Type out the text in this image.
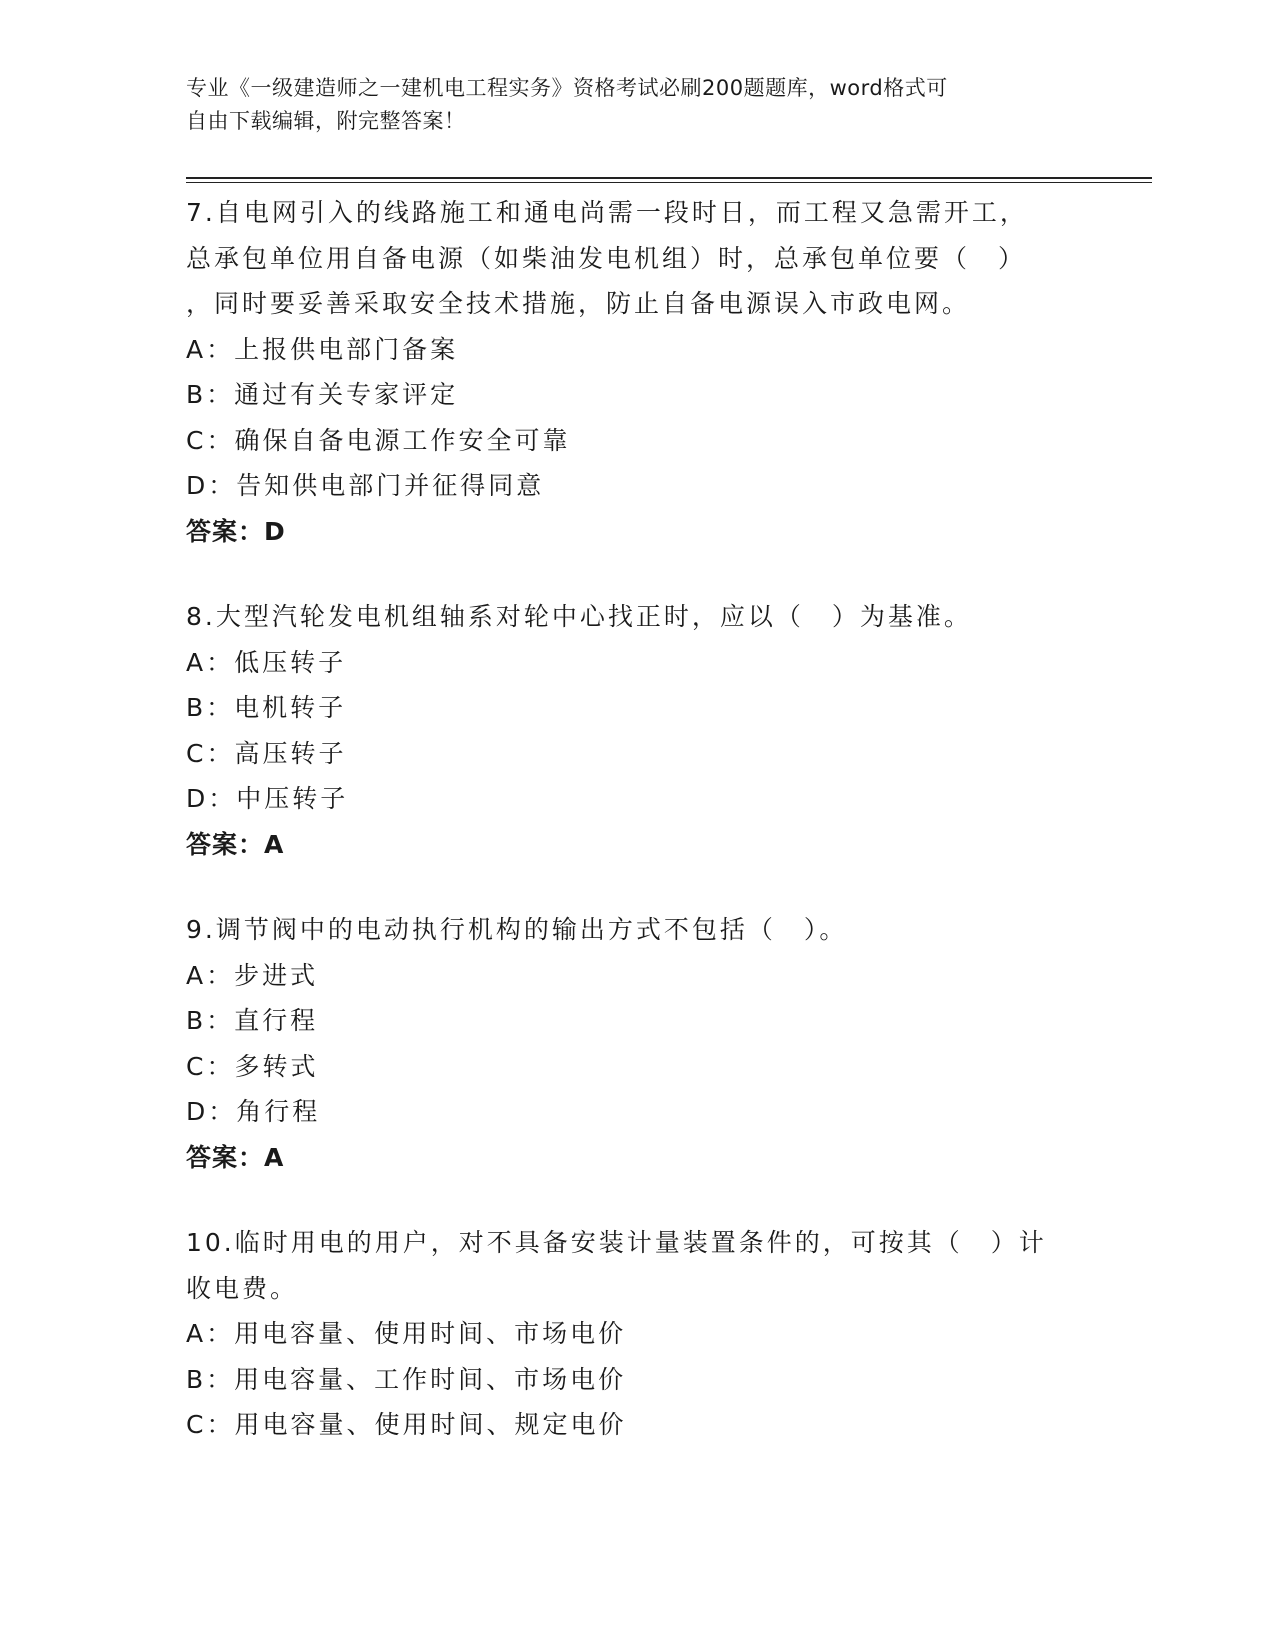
专业《一级建造师之一建机电工程实务》资格考试必刷200题题库，word格式可
自由下载编辑，附完整答案！
7.自电网引入的线路施工和通电尚需一段时日，而工程又急需开工，
总承包单位用自备电源（如柴油发电机组）时，总承包单位要（　）
，同时要妥善采取安全技术措施，防止自备电源误入市政电网。
A：上报供电部门备案
B：通过有关专家评定
C：确保自备电源工作安全可靠
D：告知供电部门并征得同意
答案：D
8.大型汽轮发电机组轴系对轮中心找正时，应以（　）为基准。
A：低压转子
B：电机转子
C：高压转子
D：中压转子
答案：A
9.调节阀中的电动执行机构的输出方式不包括（　）。
A：步进式
B：直行程
C：多转式
D：角行程
答案：A
10.临时用电的用户，对不具备安装计量装置条件的，可按其（　）计
收电费。
A：用电容量、使用时间、市场电价
B：用电容量、工作时间、市场电价
C：用电容量、使用时间、规定电价
